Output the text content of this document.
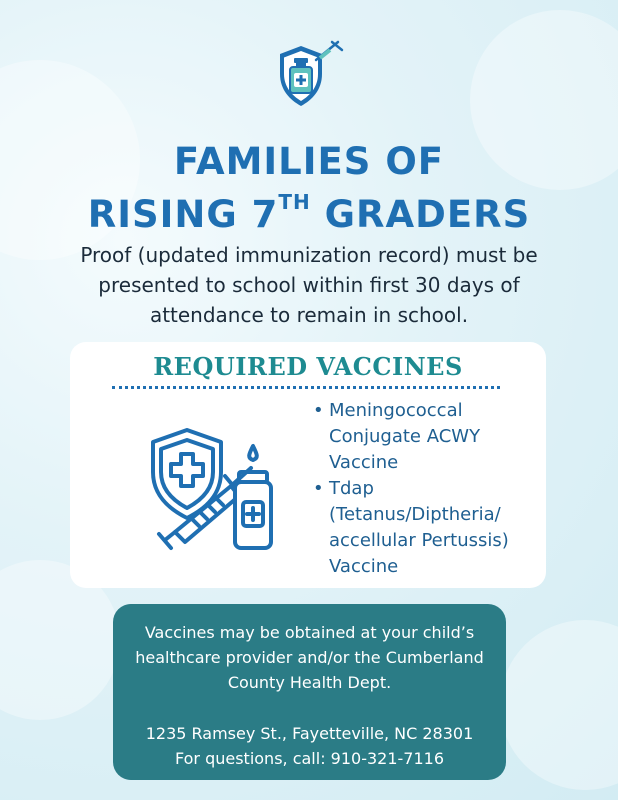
FAMILIES OF
RISING 7TH GRADERS
Proof (updated immunization record) must be presented to school within first 30 days of attendance to remain in school.
REQUIRED VACCINES
• Meningococcal Conjugate ACWY Vaccine
• Tdap (Tetanus/Diptheria/ accellular Pertussis) Vaccine

Vaccines may be obtained at your child’s healthcare provider and/or the Cumberland County Health Dept.

1235 Ramsey St., Fayetteville, NC 28301

For questions, call: 910-321-7116
